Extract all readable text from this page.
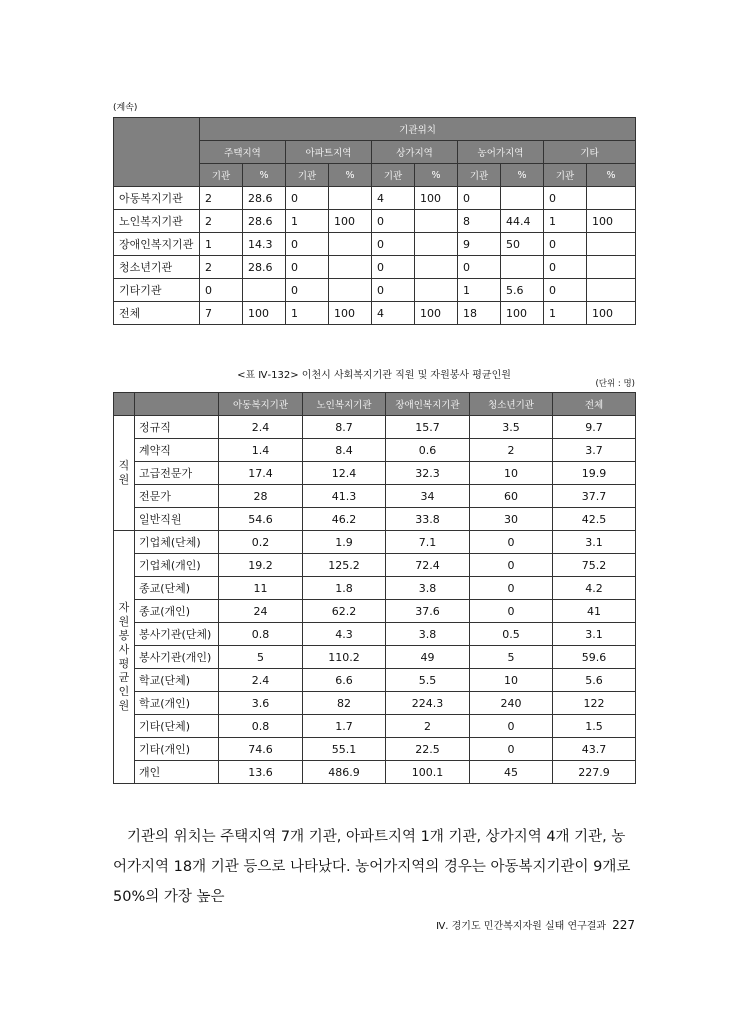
(계속)
	기관위치									
	주택지역		아파트지역		상가지역		농어가지역		기타	
	기관	%	기관	%	기관	%	기관	%	기관	%
아동복지기관	2	28.6	0		4	100	0		0	
노인복지기관	2	28.6	1	100	0		8	44.4	1	100
장애인복지기관	1	14.3	0		0		9	50	0	
청소년기관	2	28.6	0		0		0		0	
기타기관	0		0		0		1	5.6	0	
전체	7	100	1	100	4	100	18	100	1	100
<표 Ⅳ-132> 이천시 사회복지기관 직원 및 자원봉사 평균인원
(단위 : 명)
		아동복지기관	노인복지기관	장애인복지기관	청소년기관	전체
직원	정규직	2.4	8.7	15.7	3.5	9.7
	계약직	1.4	8.4	0.6	2	3.7
	고급전문가	17.4	12.4	32.3	10	19.9
	전문가	28	41.3	34	60	37.7
	일반직원	54.6	46.2	33.8	30	42.5
자원봉사평균인원	기업체(단체)	0.2	1.9	7.1	0	3.1
	기업체(개인)	19.2	125.2	72.4	0	75.2
	종교(단체)	11	1.8	3.8	0	4.2
	종교(개인)	24	62.2	37.6	0	41
	봉사기관(단체)	0.8	4.3	3.8	0.5	3.1
	봉사기관(개인)	5	110.2	49	5	59.6
	학교(단체)	2.4	6.6	5.5	10	5.6
	학교(개인)	3.6	82	224.3	240	122
	기타(단체)	0.8	1.7	2	0	1.5
	기타(개인)	74.6	55.1	22.5	0	43.7
	개인	13.6	486.9	100.1	45	227.9
기관의 위치는 주택지역 7개 기관, 아파트지역 1개 기관, 상가지역 4개 기관, 농어가지역 18개 기관 등으로 나타났다. 농어가지역의 경우는 아동복지기관이 9개로 50%의 가장 높은
Ⅳ. 경기도 민간복지자원 실태 연구결과 227
